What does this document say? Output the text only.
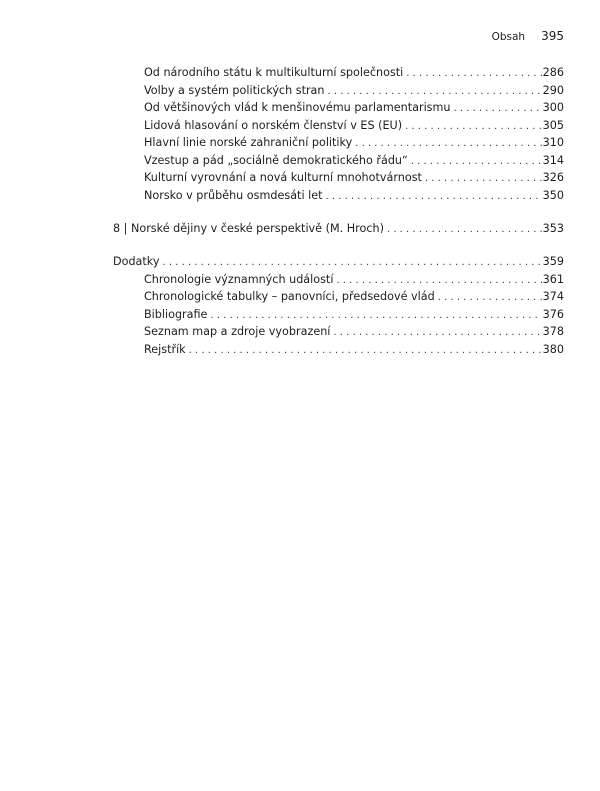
Obsah 395
Od národního státu k multikulturní společnosti . . .	286
Volby a systém politických stran . . .	290
Od většinových vlád k menšinovému parlamentarismu . . .	300
Lidová hlasování o norském členství v ES (EU) . . .	305
Hlavní linie norské zahraniční politiky . . .	310
Vzestup a pád „sociálně demokratického řádu“ . . .	314
Kulturní vyrovnání a nová kulturní mnohotvárnost . . .	326
Norsko v průběhu osmdesáti let . . .	350
8 | Norské dějiny v české perspektivě (M. Hroch) . . .	353
Dodatky . . .	359
Chronologie významných událostí . . .	361
Chronologické tabulky – panovníci, předsedové vlád . . .	374
Bibliografie . . .	376
Seznam map a zdroje vyobrazení . . .	378
Rejstřík . . .	380
